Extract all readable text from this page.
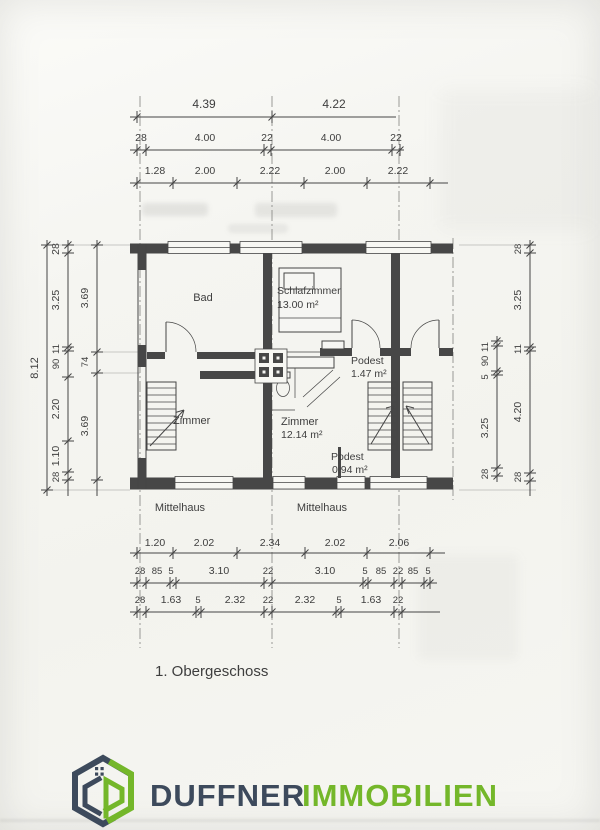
4.39	4.22
28	4.00	22	4.00	22
1.28	2.00	2.22	2.00	2.22
8.12
28
3.25
11
90
2.20
1.10
28
3.69
74
3.69
11
90
5
3.25
28
28
3.25
11
4.20
28
Bad
Schlafzimmer
13.00 m²
Podest
1.47 m²
Zimmer	Zimmer
12.14 m²
Podest
0.94 m²
Mittelhaus	Mittelhaus
1.20	2.02	2.34	2.02	2.06
28 85 5	3.10	22	3.10	5 85 22 85 5
28 1.63 5 2.32 22 2.32 5 1.63 22
1. Obergeschoss
DUFFNER
IMMOBILIEN
